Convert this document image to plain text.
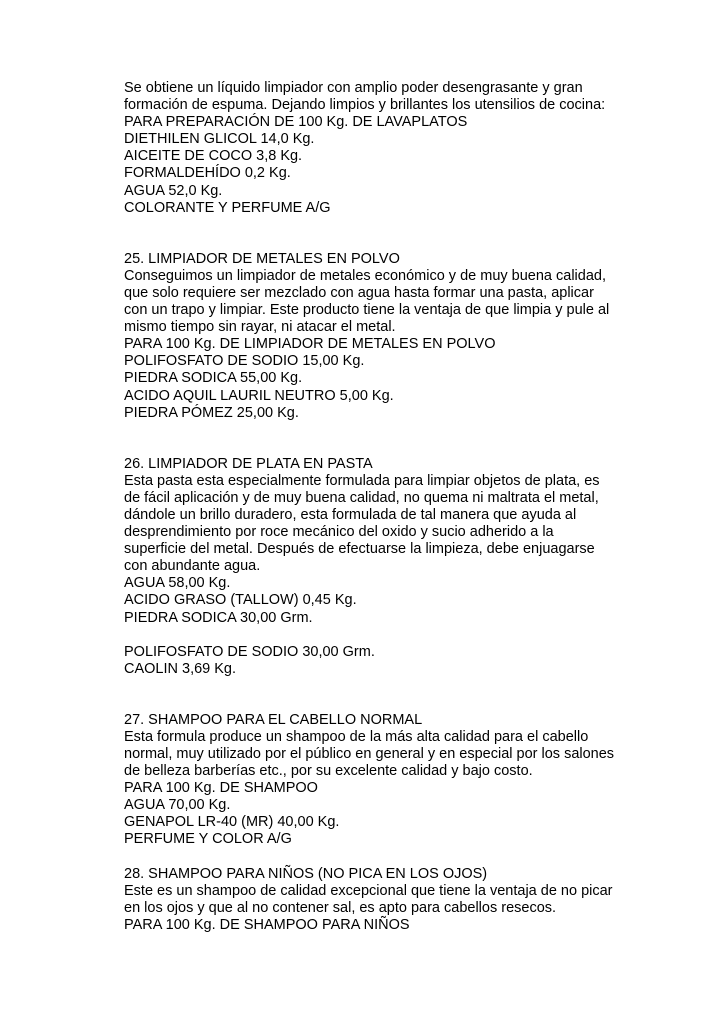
Se obtiene un líquido limpiador con amplio poder desengrasante y gran

formación de espuma. Dejando limpios y brillantes los utensilios de cocina:

PARA PREPARACIÓN DE 100 Kg. DE LAVAPLATOS

DIETHILEN GLICOL 14,0 Kg.

AICEITE DE COCO 3,8 Kg.

FORMALDEHÍDO 0,2 Kg.

AGUA 52,0 Kg.

COLORANTE Y PERFUME A/G

25. LIMPIADOR DE METALES EN POLVO

Conseguimos un limpiador de metales económico y de muy buena calidad,

que solo requiere ser mezclado con agua hasta formar una pasta, aplicar

con un trapo y limpiar. Este producto tiene la ventaja de que limpia y pule al

mismo tiempo sin rayar, ni atacar el metal.

PARA 100 Kg. DE LIMPIADOR DE METALES EN POLVO

POLIFOSFATO DE SODIO 15,00 Kg.

PIEDRA SODICA 55,00 Kg.

ACIDO AQUIL LAURIL NEUTRO 5,00 Kg.

PIEDRA PÓMEZ 25,00 Kg.

26. LIMPIADOR DE PLATA EN PASTA

Esta pasta esta especialmente formulada para limpiar objetos de plata, es

de fácil aplicación y de muy buena calidad, no quema ni maltrata el metal,

dándole un brillo duradero, esta formulada de tal manera que ayuda al

desprendimiento por roce mecánico del oxido y sucio adherido a la

superficie del metal. Después de efectuarse la limpieza, debe enjuagarse

con abundante agua.

AGUA 58,00 Kg.

ACIDO GRASO (TALLOW) 0,45 Kg.

PIEDRA SODICA 30,00 Grm.

POLIFOSFATO DE SODIO 30,00 Grm.

CAOLIN 3,69 Kg.

27. SHAMPOO PARA EL CABELLO NORMAL

Esta formula produce un shampoo de la más alta calidad para el cabello

normal, muy utilizado por el público en general y en especial por los salones

de belleza barberías etc., por su excelente calidad y bajo costo.

PARA 100 Kg. DE SHAMPOO

AGUA 70,00 Kg.

GENAPOL LR-40 (MR) 40,00 Kg.

PERFUME Y COLOR A/G

28. SHAMPOO PARA NIÑOS (NO PICA EN LOS OJOS)

Este es un shampoo de calidad excepcional que tiene la ventaja de no picar

en los ojos y que al no contener sal, es apto para cabellos resecos.

PARA 100 Kg. DE SHAMPOO PARA NIÑOS
